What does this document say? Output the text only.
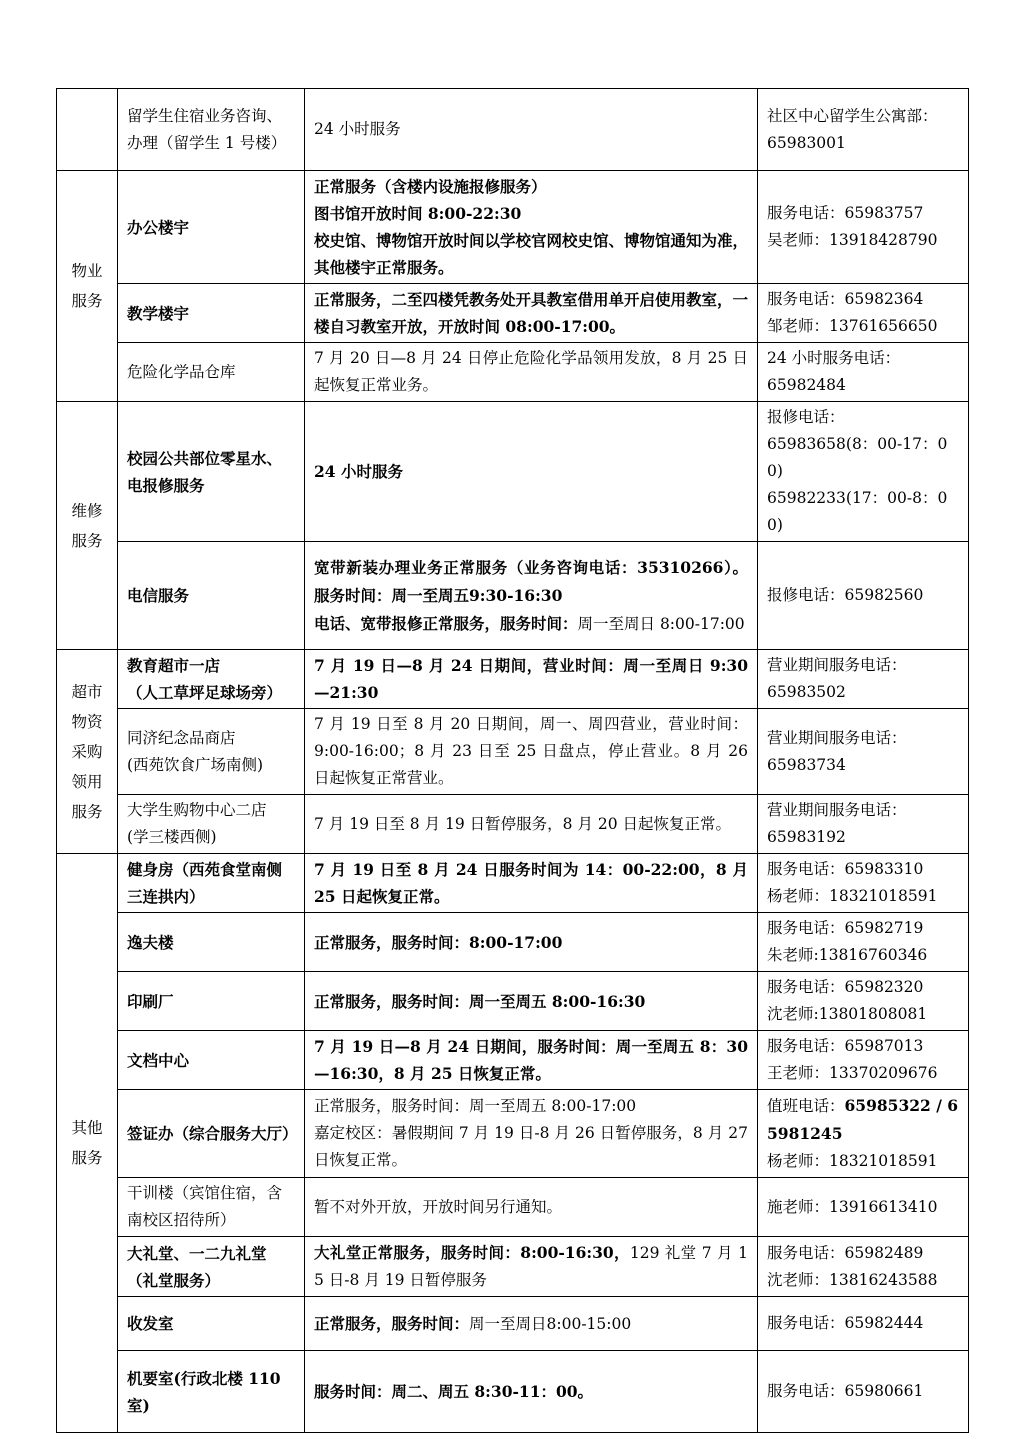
	留学生住宿业务咨询、办理（留学生 1 号楼）	24 小时服务	社区中心留学生公寓部：
65983001

物业服务	办公楼宇	正常服务（含楼内设施报修服务）
图书馆开放时间 8:00-22:30
校史馆、博物馆开放时间以学校官网校史馆、博物馆通知为准，其他楼宇正常服务。	服务电话：65983757
吴老师：13918428790
	教学楼宇	正常服务，二至四楼凭教务处开具教室借用单开启使用教室，一楼自习教室开放，开放时间 08:00-17:00。	服务电话：65982364
邹老师：13761656650
	危险化学品仓库	7 月 20 日—8 月 24 日停止危险化学品领用发放，8 月 25 日起恢复正常业务。	24 小时服务电话：
65982484

维修服务	校园公共部位零星水、电报修服务	24 小时服务	报修电话：
65983658(8：00-17：00)
65982233(17：00-8：00)
	电信服务	宽带新装办理业务正常服务（业务咨询电话：35310266）。服务时间：周一至周五9:30-16:30
电话、宽带报修正常服务，服务时间：周一至周日 8:00-17:00	报修电话：65982560

超市物资采购领用服务	教育超市一店
（人工草坪足球场旁）	7 月 19 日—8 月 24 日期间，营业时间：周一至周日 9:30—21:30	营业期间服务电话：
65983502
	同济纪念品商店
(西苑饮食广场南侧)	7 月 19 日至 8 月 20 日期间，周一、周四营业，营业时间：9:00-16:00；8 月 23 日至 25 日盘点，停止营业。8 月 26 日起恢复正常营业。	营业期间服务电话：
65983734
	大学生购物中心二店
(学三楼西侧)	7 月 19 日至 8 月 19 日暂停服务，8 月 20 日起恢复正常。	营业期间服务电话：
65983192

其他服务	健身房（西苑食堂南侧三连拱内）	7 月 19 日至 8 月 24 日服务时间为 14：00-22:00，8 月 25 日起恢复正常。	服务电话：65983310
杨老师：18321018591
	逸夫楼	正常服务，服务时间：8:00-17:00	服务电话：65982719
朱老师:13816760346
	印刷厂	正常服务，服务时间：周一至周五 8:00-16:30	服务电话：65982320
沈老师:13801808081
	文档中心	7 月 19 日—8 月 24 日期间，服务时间：周一至周五 8：30—16:30，8 月 25 日恢复正常。	服务电话：65987013
王老师：13370209676
	签证办（综合服务大厅）	正常服务，服务时间：周一至周五 8:00-17:00
嘉定校区：暑假期间 7 月 19 日-8 月 26 日暂停服务，8 月 27 日恢复正常。	值班电话：65985322 / 65981245
杨老师：18321018591
	干训楼（宾馆住宿，含南校区招待所）	暂不对外开放，开放时间另行通知。	施老师：13916613410
	大礼堂、一二九礼堂（礼堂服务）	大礼堂正常服务，服务时间：8:00-16:30，129 礼堂 7 月 15 日-8 月 19 日暂停服务	服务电话：65982489
沈老师：13816243588
	收发室	正常服务，服务时间：周一至周日8:00-15:00	服务电话：65982444
	机要室(行政北楼 110 室)	服务时间：周二、周五 8:30-11：00。	服务电话：65980661
